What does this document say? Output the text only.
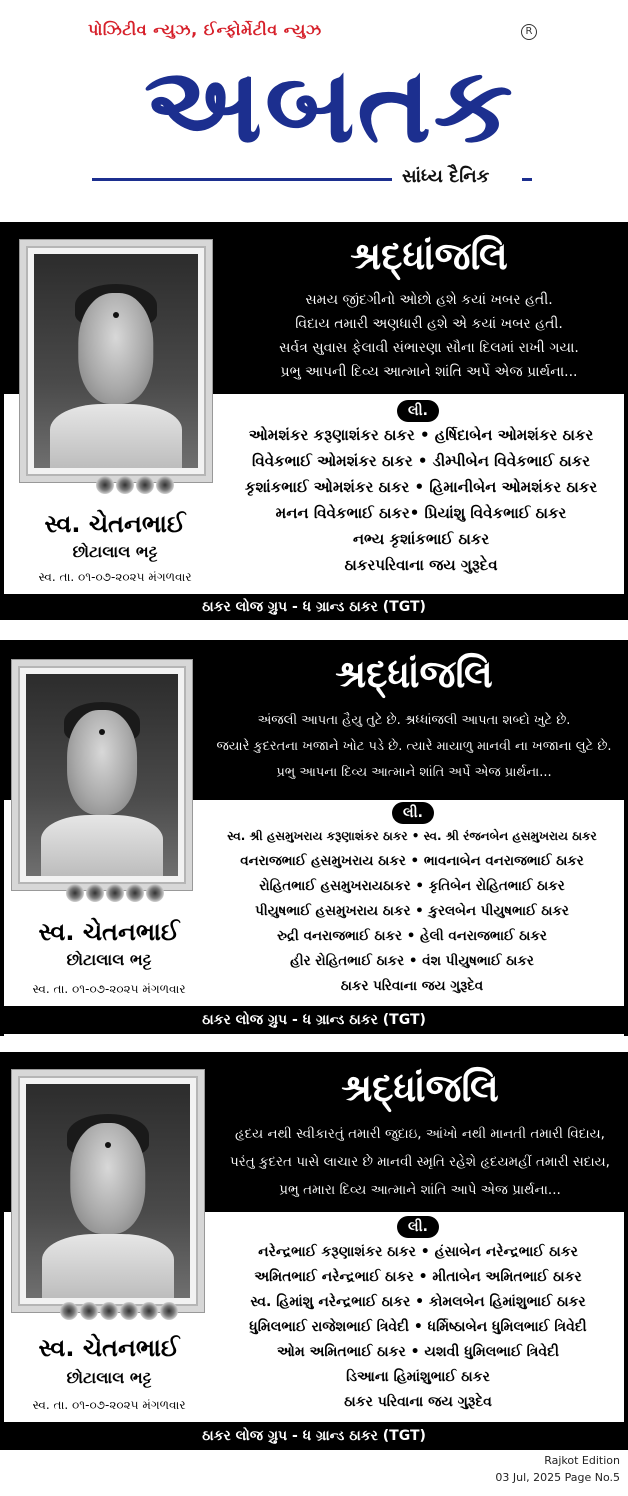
પોઝિટીવ ન્યુઝ, ઈન્ફોર્મેટીવ ન્યુઝ	R
અબતક
સાંધ્ય દૈનિક
શ્રદ્ધાંજલિ
સમય જીંદગીનો ઓછો હશે કયાં ખબર હતી.
વિદાય તમારી અણધારી હશે એ કયાં ખબર હતી.
સર્વત્ર સુવાસ ફેલાવી સંભારણા સૌના દિલમાં રાખી ગયા.
પ્રભુ આપની દિવ્ય આત્માને શાંતિ અર્પે એજ પ્રાર્થના...
લી.
ઓમશંકર કરૂણાશંકર ઠાકર • હર્ષિદાબેન ઓમશંકર ઠાકર
વિવેકભાઈ ઓમશંકર ઠાકર • ડીમ્પીબેન વિવેકભાઈ ઠાકર
કૃશાંકભાઈ ઓમશંકર ઠાકર • હિમાનીબેન ઓમશંકર ઠાકર
મનન વિવેકભાઈ ઠાકર• પ્રિયાંશુ વિવેકભાઈ ઠાકર
નભ્ય કૃશાંકભાઈ ઠાકર
ઠાકરપરિવાના જય ગુરૂદેવ
સ્વ. ચેતનભાઈ
છોટાલાલ ભટ્ટ
સ્વ. તા. ૦૧-૦૭-૨૦૨૫ મંગળવાર
ઠાકર લોજ ગ્રુપ - ધ ગ્રાન્ડ ઠાકર (TGT)
શ્રદ્ધાંજલિ
અંજલી આપતા હૈયુ તુટે છે. શ્રધ્ધાંજલી આપતા શબ્દો ખુટે છે.
જયારે કુદરતના ખજાને ખોટ પડે છે. ત્યારે માયાળુ માનવી ના ખજાના લુટે છે.
પ્રભુ આપના દિવ્ય આત્માને શાંતિ અર્પે એજ પ્રાર્થના...
લી.
સ્વ. શ્રી હસમુખરાય કરૂણાશંકર ઠાકર • સ્વ. શ્રી રંજનબેન હસમુખરાય ઠાકર
વનરાજભાઈ હસમુખરાય ઠાકર • ભાવનાબેન વનરાજભાઈ ઠાકર
રોહિતભાઈ હસમુખરાયઠાકર • કૃતિબેન રોહિતભાઈ ઠાકર
પીયુષભાઈ હસમુખરાય ઠાકર • કુરલબેન પીયુષભાઈ ઠાકર
રુદ્રી વનરાજભાઈ ઠાકર • હેલી વનરાજભાઈ ઠાકર
હીર રોહિતભાઈ ઠાકર • વંશ પીયુષભાઈ ઠાકર
ઠાકર પરિવાના જય ગુરૂદેવ
સ્વ. ચેતનભાઈ
છોટાલાલ ભટ્ટ
સ્વ. તા. ૦૧-૦૭-૨૦૨૫ મંગળવાર
ઠાકર લોજ ગ્રુપ - ધ ગ્રાન્ડ ઠાકર (TGT)
શ્રદ્ધાંજલિ
હૃદય નથી સ્વીકારતું તમારી જુદાઇ, આંખો નથી માનતી તમારી વિદાય,
પરંતુ કુદરત પાસે લાચાર છે માનવી સ્મૃતિ રહેશે હૃદયમહીં તમારી સદાય,
પ્રભુ તમારા દિવ્ય આત્માને શાંતિ આપે એજ પ્રાર્થના...
લી.
નરેન્દ્રભાઈ કરૂણાશંકર ઠાકર • હંસાબેન નરેન્દ્રભાઈ ઠાકર
અમિતભાઈ નરેન્દ્રભાઈ ઠાકર • મીતાબેન અમિતભાઈ ઠાકર
સ્વ. હિમાંશુ નરેન્દ્રભાઈ ઠાકર • કોમલબેન હિમાંશુભાઈ ઠાકર
ધુમિલભાઈ રાજેશભાઈ ત્રિવેદી • ધર્મિષ્ઠાબેન ધુમિલભાઈ ત્રિવેદી
ઓમ અમિતભાઈ ઠાકર • યશવી ધુમિલભાઈ ત્રિવેદી
ડિઆના હિમાંશુભાઈ ઠાકર
ઠાકર પરિવાના જય ગુરૂદેવ
સ્વ. ચેતનભાઈ
છોટાલાલ ભટ્ટ
સ્વ. તા. ૦૧-૦૭-૨૦૨૫ મંગળવાર
ઠાકર લોજ ગ્રુપ - ધ ગ્રાન્ડ ઠાકર (TGT)
Rajkot Edition
03 Jul, 2025 Page No.5
